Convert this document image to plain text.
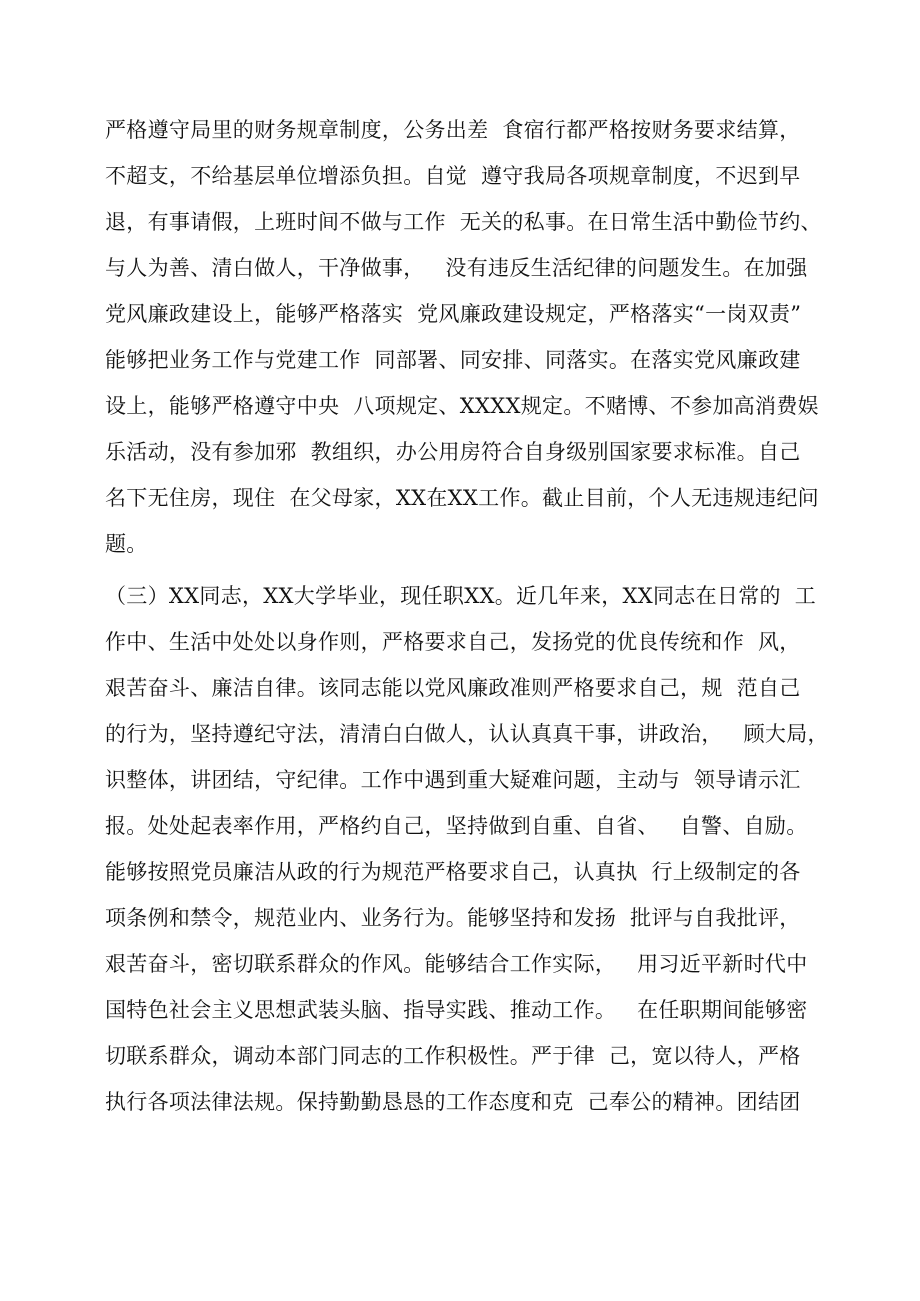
严格遵守局里的财务规章制度，公务出差  食宿行都严格按财务要求结算，
不超支，不给基层单位增添负担。自觉  遵守我局各项规章制度，不迟到早
退，有事请假，上班时间不做与工作  无关的私事。在日常生活中勤俭节约、
与人为善、清白做人，干净做事，   没有违反生活纪律的问题发生。在加强
党风廉政建设上，能够严格落实  党风廉政建设规定，严格落实“一岗双责”
能够把业务工作与党建工作  同部署、同安排、同落实。在落实党风廉政建
设上，能够严格遵守中央  八项规定、XXXX规定。不赌博、不参加高消费娱
乐活动，没有参加邪  教组织，办公用房符合自身级别国家要求标准。自己
名下无住房，现住  在父母家，XX在XX工作。截止目前，个人无违规违纪问
题。
（三）XX同志，XX大学毕业，现任职XX。近几年来，XX同志在日常的  工
作中、生活中处处以身作则，严格要求自己，发扬党的优良传统和作  风，
艰苦奋斗、廉洁自律。该同志能以党风廉政准则严格要求自己，规  范自己
的行为，坚持遵纪守法，清清白白做人，认认真真干事，讲政治，   顾大局，
识整体，讲团结，守纪律。工作中遇到重大疑难问题，主动与  领导请示汇
报。处处起表率作用，严格约自己，坚持做到自重、自省、   自警、自励。
能够按照党员廉洁从政的行为规范严格要求自己，认真执  行上级制定的各
项条例和禁令，规范业内、业务行为。能够坚持和发扬  批评与自我批评，
艰苦奋斗，密切联系群众的作风。能够结合工作实际，   用习近平新时代中
国特色社会主义思想武装头脑、指导实践、推动工作。   在任职期间能够密
切联系群众，调动本部门同志的工作积极性。严于律  己，宽以待人，严格
执行各项法律法规。保持勤勤恳恳的工作态度和克  己奉公的精神。团结团
